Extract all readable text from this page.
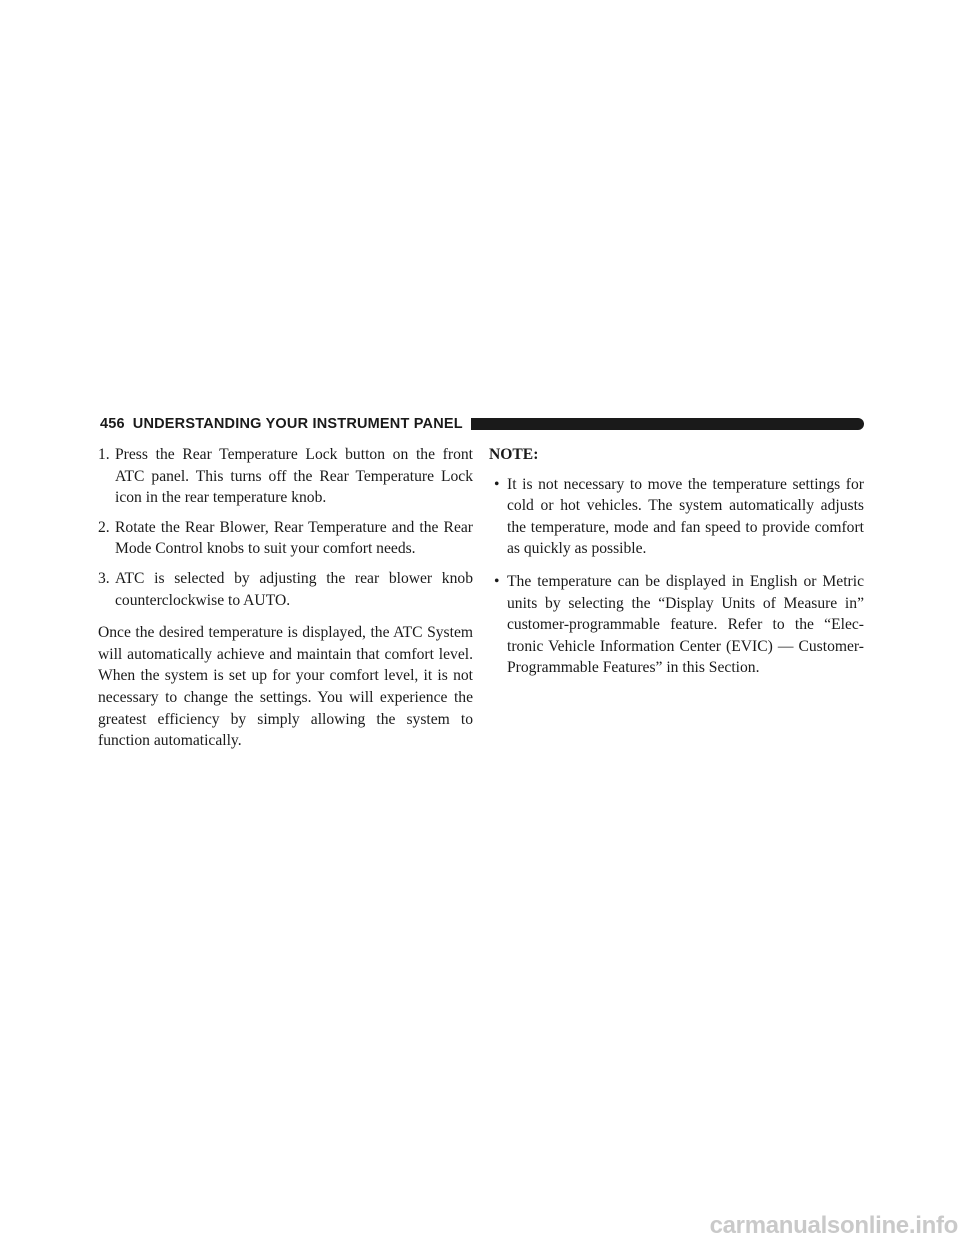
456 UNDERSTANDING YOUR INSTRUMENT PANEL
1. Press the Rear Temperature Lock button on the front ATC panel. This turns off the Rear Temperature Lock icon in the rear temperature knob.
2. Rotate the Rear Blower, Rear Temperature and the Rear Mode Control knobs to suit your comfort needs.
3. ATC is selected by adjusting the rear blower knob counterclockwise to AUTO.

Once the desired temperature is displayed, the ATC System will automatically achieve and maintain that comfort level. When the system is set up for your comfort level, it is not necessary to change the settings. You will experience the greatest efficiency by simply allowing the system to function automatically.

NOTE:
• It is not necessary to move the temperature settings for cold or hot vehicles. The system automatically adjusts the temperature, mode and fan speed to provide comfort as quickly as possible.
• The temperature can be displayed in English or Metric units by selecting the “Display Units of Measure in” customer-programmable feature. Refer to the “Elec-tronic Vehicle Information Center (EVIC) — Customer-Programmable Features” in this Section.
carmanualsonline.info
